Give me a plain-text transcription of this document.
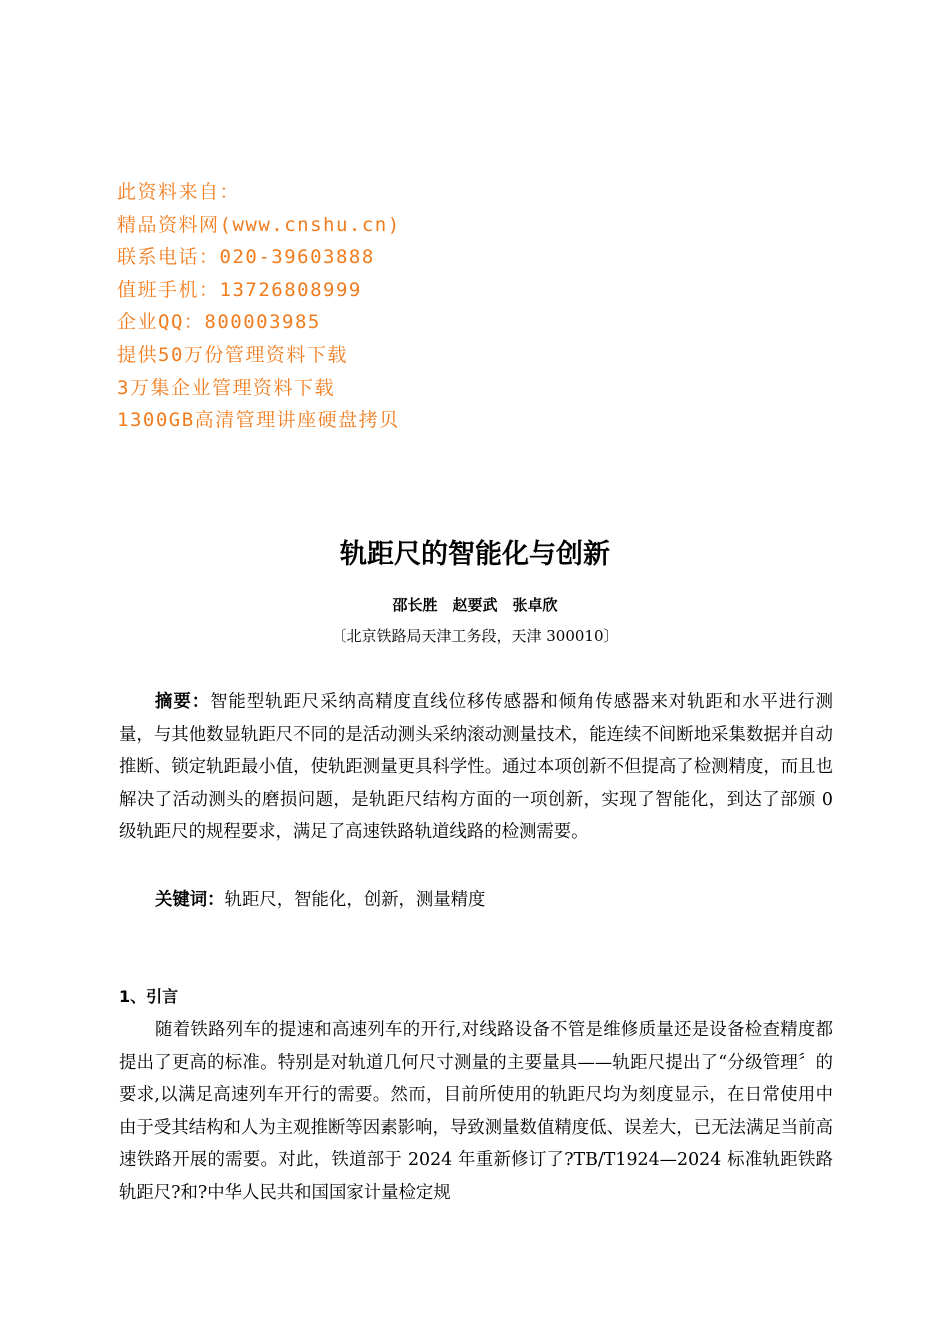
此资料来自：
精品资料网(www.cnshu.cn)
联系电话：020-39603888
值班手机：13726808999
企业QQ：800003985
提供50万份管理资料下载
3万集企业管理资料下载
1300GB高清管理讲座硬盘拷贝
轨距尺的智能化与创新
邵长胜　赵要武　张卓欣
〔北京铁路局天津工务段，天津 300010〕
摘要：智能型轨距尺采纳高精度直线位移传感器和倾角传感器来对轨距和水平进行测量，与其他数显轨距尺不同的是活动测头采纳滚动测量技术，能连续不间断地采集数据并自动推断、锁定轨距最小值，使轨距测量更具科学性。通过本项创新不但提高了检测精度，而且也解决了活动测头的磨损问题，是轨距尺结构方面的一项创新，实现了智能化，到达了部颁 0 级轨距尺的规程要求，满足了高速铁路轨道线路的检测需要。
关键词：轨距尺，智能化，创新，测量精度
1、引言
随着铁路列车的提速和高速列车的开行,对线路设备不管是维修质量还是设备检查精度都提出了更高的标准。特别是对轨道几何尺寸测量的主要量具——轨距尺提出了“分级管理〞的要求,以满足高速列车开行的需要。然而，目前所使用的轨距尺均为刻度显示，在日常使用中由于受其结构和人为主观推断等因素影响，导致测量数值精度低、误差大，已无法满足当前高速铁路开展的需要。对此，铁道部于 2024 年重新修订了?TB/T1924—2024 标准轨距铁路轨距尺?和?中华人民共和国国家计量检定规
